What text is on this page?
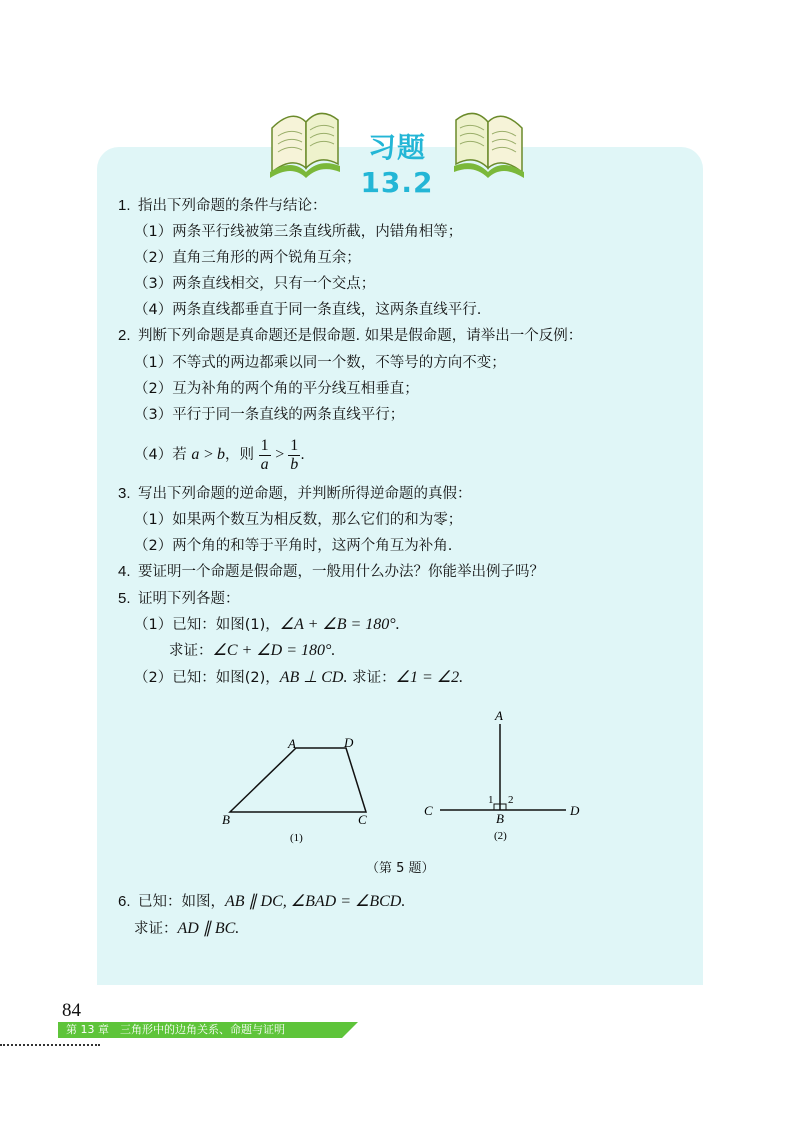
习题 13.2
1. 指出下列命题的条件与结论：
（1）两条平行线被第三条直线所截，内错角相等；
（2）直角三角形的两个锐角互余；
（3）两条直线相交，只有一个交点；
（4）两条直线都垂直于同一条直线，这两条直线平行.
2. 判断下列命题是真命题还是假命题. 如果是假命题，请举出一个反例：
（1）不等式的两边都乘以同一个数，不等号的方向不变；
（2）互为补角的两个角的平分线互相垂直；
（3）平行于同一条直线的两条直线平行；
（4）若 a > b，则 $\frac{1}{a} > \frac{1}{b}$ .
3. 写出下列命题的逆命题，并判断所得逆命题的真假：
（1）如果两个数互为相反数，那么它们的和为零；
（2）两个角的和等于平角时，这两个角互为补角.
4. 要证明一个命题是假命题，一般用什么办法？你能举出例子吗？
5. 证明下列各题：
（1）已知：如图(1)，∠A + ∠B = 180°.
求证：∠C + ∠D = 180°.
（2）已知：如图(2)，AB ⊥ CD. 求证：∠1 = ∠2.
A	D
B	C
(1)
A
B
C	D
1 2
(2)
（第 5 题）
6. 已知：如图，AB ∥ DC, ∠BAD = ∠BCD.
求证：AD ∥ BC.
84
第 13 章　三角形中的边角关系、命题与证明
